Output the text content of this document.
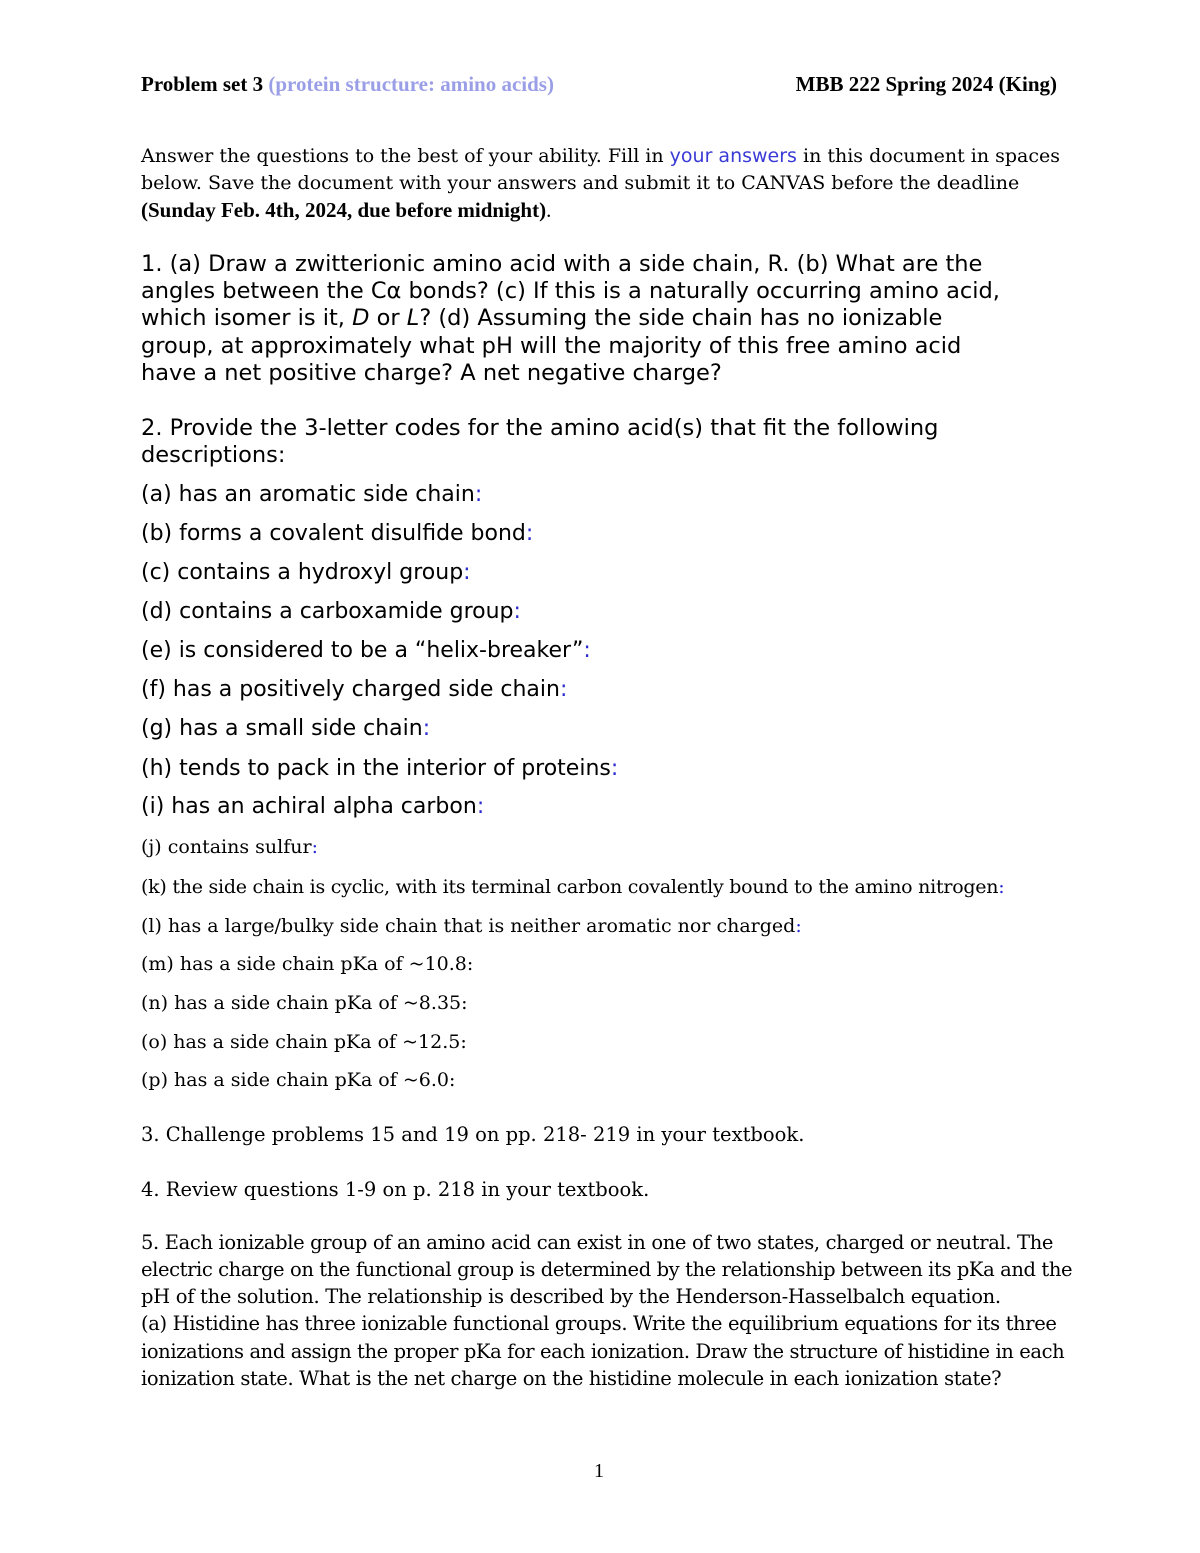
Problem set 3 (protein structure: amino acids)	MBB 222 Spring 2024 (King)
Answer the questions to the best of your ability. Fill in your answers in this document in spaces
below. Save the document with your answers and submit it to CANVAS before the deadline
(Sunday Feb. 4th, 2024, due before midnight).
1. (a) Draw a zwitterionic amino acid with a side chain, R. (b) What are the
angles between the Cα bonds? (c) If this is a naturally occurring amino acid,
which isomer is it, D or L? (d) Assuming the side chain has no ionizable
group, at approximately what pH will the majority of this free amino acid
have a net positive charge? A net negative charge?
2. Provide the 3-letter codes for the amino acid(s) that fit the following
descriptions:
(a) has an aromatic side chain:
(b) forms a covalent disulfide bond:
(c) contains a hydroxyl group:
(d) contains a carboxamide group:
(e) is considered to be a “helix-breaker”:
(f) has a positively charged side chain:
(g) has a small side chain:
(h) tends to pack in the interior of proteins:
(i) has an achiral alpha carbon:
(j) contains sulfur:
(k) the side chain is cyclic, with its terminal carbon covalently bound to the amino nitrogen:
(l) has a large/bulky side chain that is neither aromatic nor charged:
(m) has a side chain pKa of ~10.8:
(n) has a side chain pKa of ~8.35:
(o) has a side chain pKa of ~12.5:
(p) has a side chain pKa of ~6.0:
3. Challenge problems 15 and 19 on pp. 218- 219 in your textbook.
4. Review questions 1-9 on p. 218 in your textbook.
5. Each ionizable group of an amino acid can exist in one of two states, charged or neutral. The
electric charge on the functional group is determined by the relationship between its pKa and the
pH of the solution. The relationship is described by the Henderson-Hasselbalch equation.
(a) Histidine has three ionizable functional groups. Write the equilibrium equations for its three
ionizations and assign the proper pKa for each ionization. Draw the structure of histidine in each
ionization state. What is the net charge on the histidine molecule in each ionization state?
1
